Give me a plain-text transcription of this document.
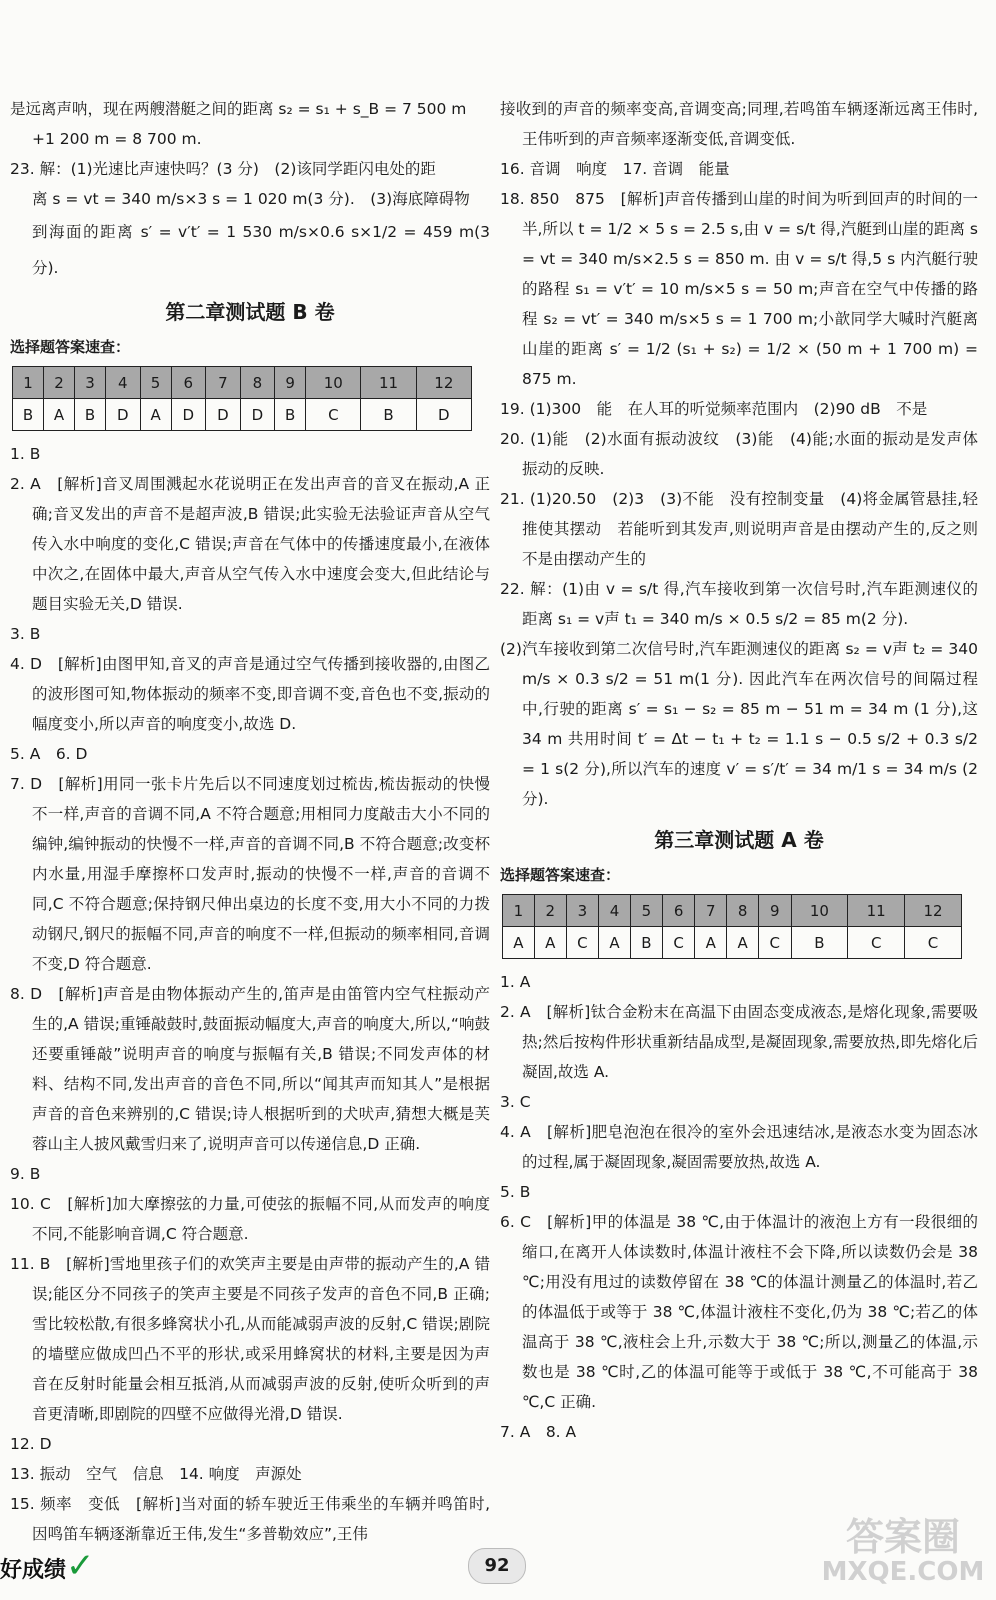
是远离声呐，现在两艘潜艇之间的距离 s₂ = s₁ + s_B = 7 500 m

+1 200 m = 8 700 m.

23. 解：(1)光速比声速快吗？(3 分)　(2)该同学距闪电处的距

离 s = vt = 340 m/s×3 s = 1 020 m(3 分).　(3)海底障碍物

到海面的距离 s′ = v′t′ = 1 530 m/s×0.6 s×1/2 = 459 m(3 分).

第二章测试题 B 卷
选择题答案速查：
1	2	3	4	5	6	7	8	9	10	11	12
B	A	B	D	A	D	D	D	B	C	B	D

1. B

2. A　[解析]音叉周围溅起水花说明正在发出声音的音叉在振动,A 正确;音叉发出的声音不是超声波,B 错误;此实验无法验证声音从空气传入水中响度的变化,C 错误;声音在气体中的传播速度最小,在液体中次之,在固体中最大,声音从空气传入水中速度会变大,但此结论与题目实验无关,D 错误.

3. B

4. D　[解析]由图甲知,音叉的声音是通过空气传播到接收器的,由图乙的波形图可知,物体振动的频率不变,即音调不变,音色也不变,振动的幅度变小,所以声音的响度变小,故选 D.

5. A　6. D

7. D　[解析]用同一张卡片先后以不同速度划过梳齿,梳齿振动的快慢不一样,声音的音调不同,A 不符合题意;用相同力度敲击大小不同的编钟,编钟振动的快慢不一样,声音的音调不同,B 不符合题意;改变杯内水量,用湿手摩擦杯口发声时,振动的快慢不一样,声音的音调不同,C 不符合题意;保持钢尺伸出桌边的长度不变,用大小不同的力拨动钢尺,钢尺的振幅不同,声音的响度不一样,但振动的频率相同,音调不变,D 符合题意.

8. D　[解析]声音是由物体振动产生的,笛声是由笛管内空气柱振动产生的,A 错误;重锤敲鼓时,鼓面振动幅度大,声音的响度大,所以,“响鼓还要重锤敲”说明声音的响度与振幅有关,B 错误;不同发声体的材料、结构不同,发出声音的音色不同,所以“闻其声而知其人”是根据声音的音色来辨别的,C 错误;诗人根据听到的犬吠声,猜想大概是芙蓉山主人披风戴雪归来了,说明声音可以传递信息,D 正确.

9. B

10. C　[解析]加大摩擦弦的力量,可使弦的振幅不同,从而发声的响度不同,不能影响音调,C 符合题意.

11. B　[解析]雪地里孩子们的欢笑声主要是由声带的振动产生的,A 错误;能区分不同孩子的笑声主要是不同孩子发声的音色不同,B 正确;雪比较松散,有很多蜂窝状小孔,从而能减弱声波的反射,C 错误;剧院的墙壁应做成凹凸不平的形状,或采用蜂窝状的材料,主要是因为声音在反射时能量会相互抵消,从而减弱声波的反射,使听众听到的声音更清晰,即剧院的四壁不应做得光滑,D 错误.

12. D

13. 振动　空气　信息　14. 响度　声源处

15. 频率　变低　[解析]当对面的轿车驶近王伟乘坐的车辆并鸣笛时,因鸣笛车辆逐渐靠近王伟,发生“多普勒效应”,王伟

接收到的声音的频率变高,音调变高;同理,若鸣笛车辆逐渐远离王伟时,王伟听到的声音频率逐渐变低,音调变低.

16. 音调　响度　17. 音调　能量

18. 850　875　[解析]声音传播到山崖的时间为听到回声的时间的一半,所以 t = 1/2 × 5 s = 2.5 s,由 v = s/t 得,汽艇到山崖的距离 s = vt = 340 m/s×2.5 s = 850 m. 由 v = s/t 得,5 s 内汽艇行驶的路程 s₁ = v′t′ = 10 m/s×5 s = 50 m;声音在空气中传播的路程 s₂ = vt′ = 340 m/s×5 s = 1 700 m;小歆同学大喊时汽艇离山崖的距离 s′ = 1/2 (s₁ + s₂) = 1/2 × (50 m + 1 700 m) = 875 m.

19. (1)300　能　在人耳的听觉频率范围内　(2)90 dB　不是

20. (1)能　(2)水面有振动波纹　(3)能　(4)能;水面的振动是发声体振动的反映.

21. (1)20.50　(2)3　(3)不能　没有控制变量　(4)将金属管悬挂,轻推使其摆动　若能听到其发声,则说明声音是由摆动产生的,反之则不是由摆动产生的

22. 解：(1)由 v = s/t 得,汽车接收到第一次信号时,汽车距测速仪的距离 s₁ = v声 t₁ = 340 m/s × 0.5 s/2 = 85 m(2 分).

(2)汽车接收到第二次信号时,汽车距测速仪的距离 s₂ = v声 t₂ = 340 m/s × 0.3 s/2 = 51 m(1 分). 因此汽车在两次信号的间隔过程中,行驶的距离 s′ = s₁ − s₂ = 85 m − 51 m = 34 m (1 分),这 34 m 共用时间 t′ = Δt − t₁ + t₂ = 1.1 s − 0.5 s/2 + 0.3 s/2 = 1 s(2 分),所以汽车的速度 v′ = s′/t′ = 34 m/1 s = 34 m/s (2 分).

第三章测试题 A 卷
选择题答案速查：
1	2	3	4	5	6	7	8	9	10	11	12
A	A	C	A	B	C	A	A	C	B	C	C

1. A

2. A　[解析]钛合金粉末在高温下由固态变成液态,是熔化现象,需要吸热;然后按构件形状重新结晶成型,是凝固现象,需要放热,即先熔化后凝固,故选 A.

3. C

4. A　[解析]肥皂泡泡在很冷的室外会迅速结冰,是液态水变为固态冰的过程,属于凝固现象,凝固需要放热,故选 A.

5. B

6. C　[解析]甲的体温是 38 ℃,由于体温计的液泡上方有一段很细的缩口,在离开人体读数时,体温计液柱不会下降,所以读数仍会是 38 ℃;用没有甩过的读数停留在 38 ℃的体温计测量乙的体温时,若乙的体温低于或等于 38 ℃,体温计液柱不变化,仍为 38 ℃;若乙的体温高于 38 ℃,液柱会上升,示数大于 38 ℃;所以,测量乙的体温,示数也是 38 ℃时,乙的体温可能等于或低于 38 ℃,不可能高于 38 ℃,C 正确.

7. A　8. A

好成绩✓	92
答案圈
MXQE.COM
